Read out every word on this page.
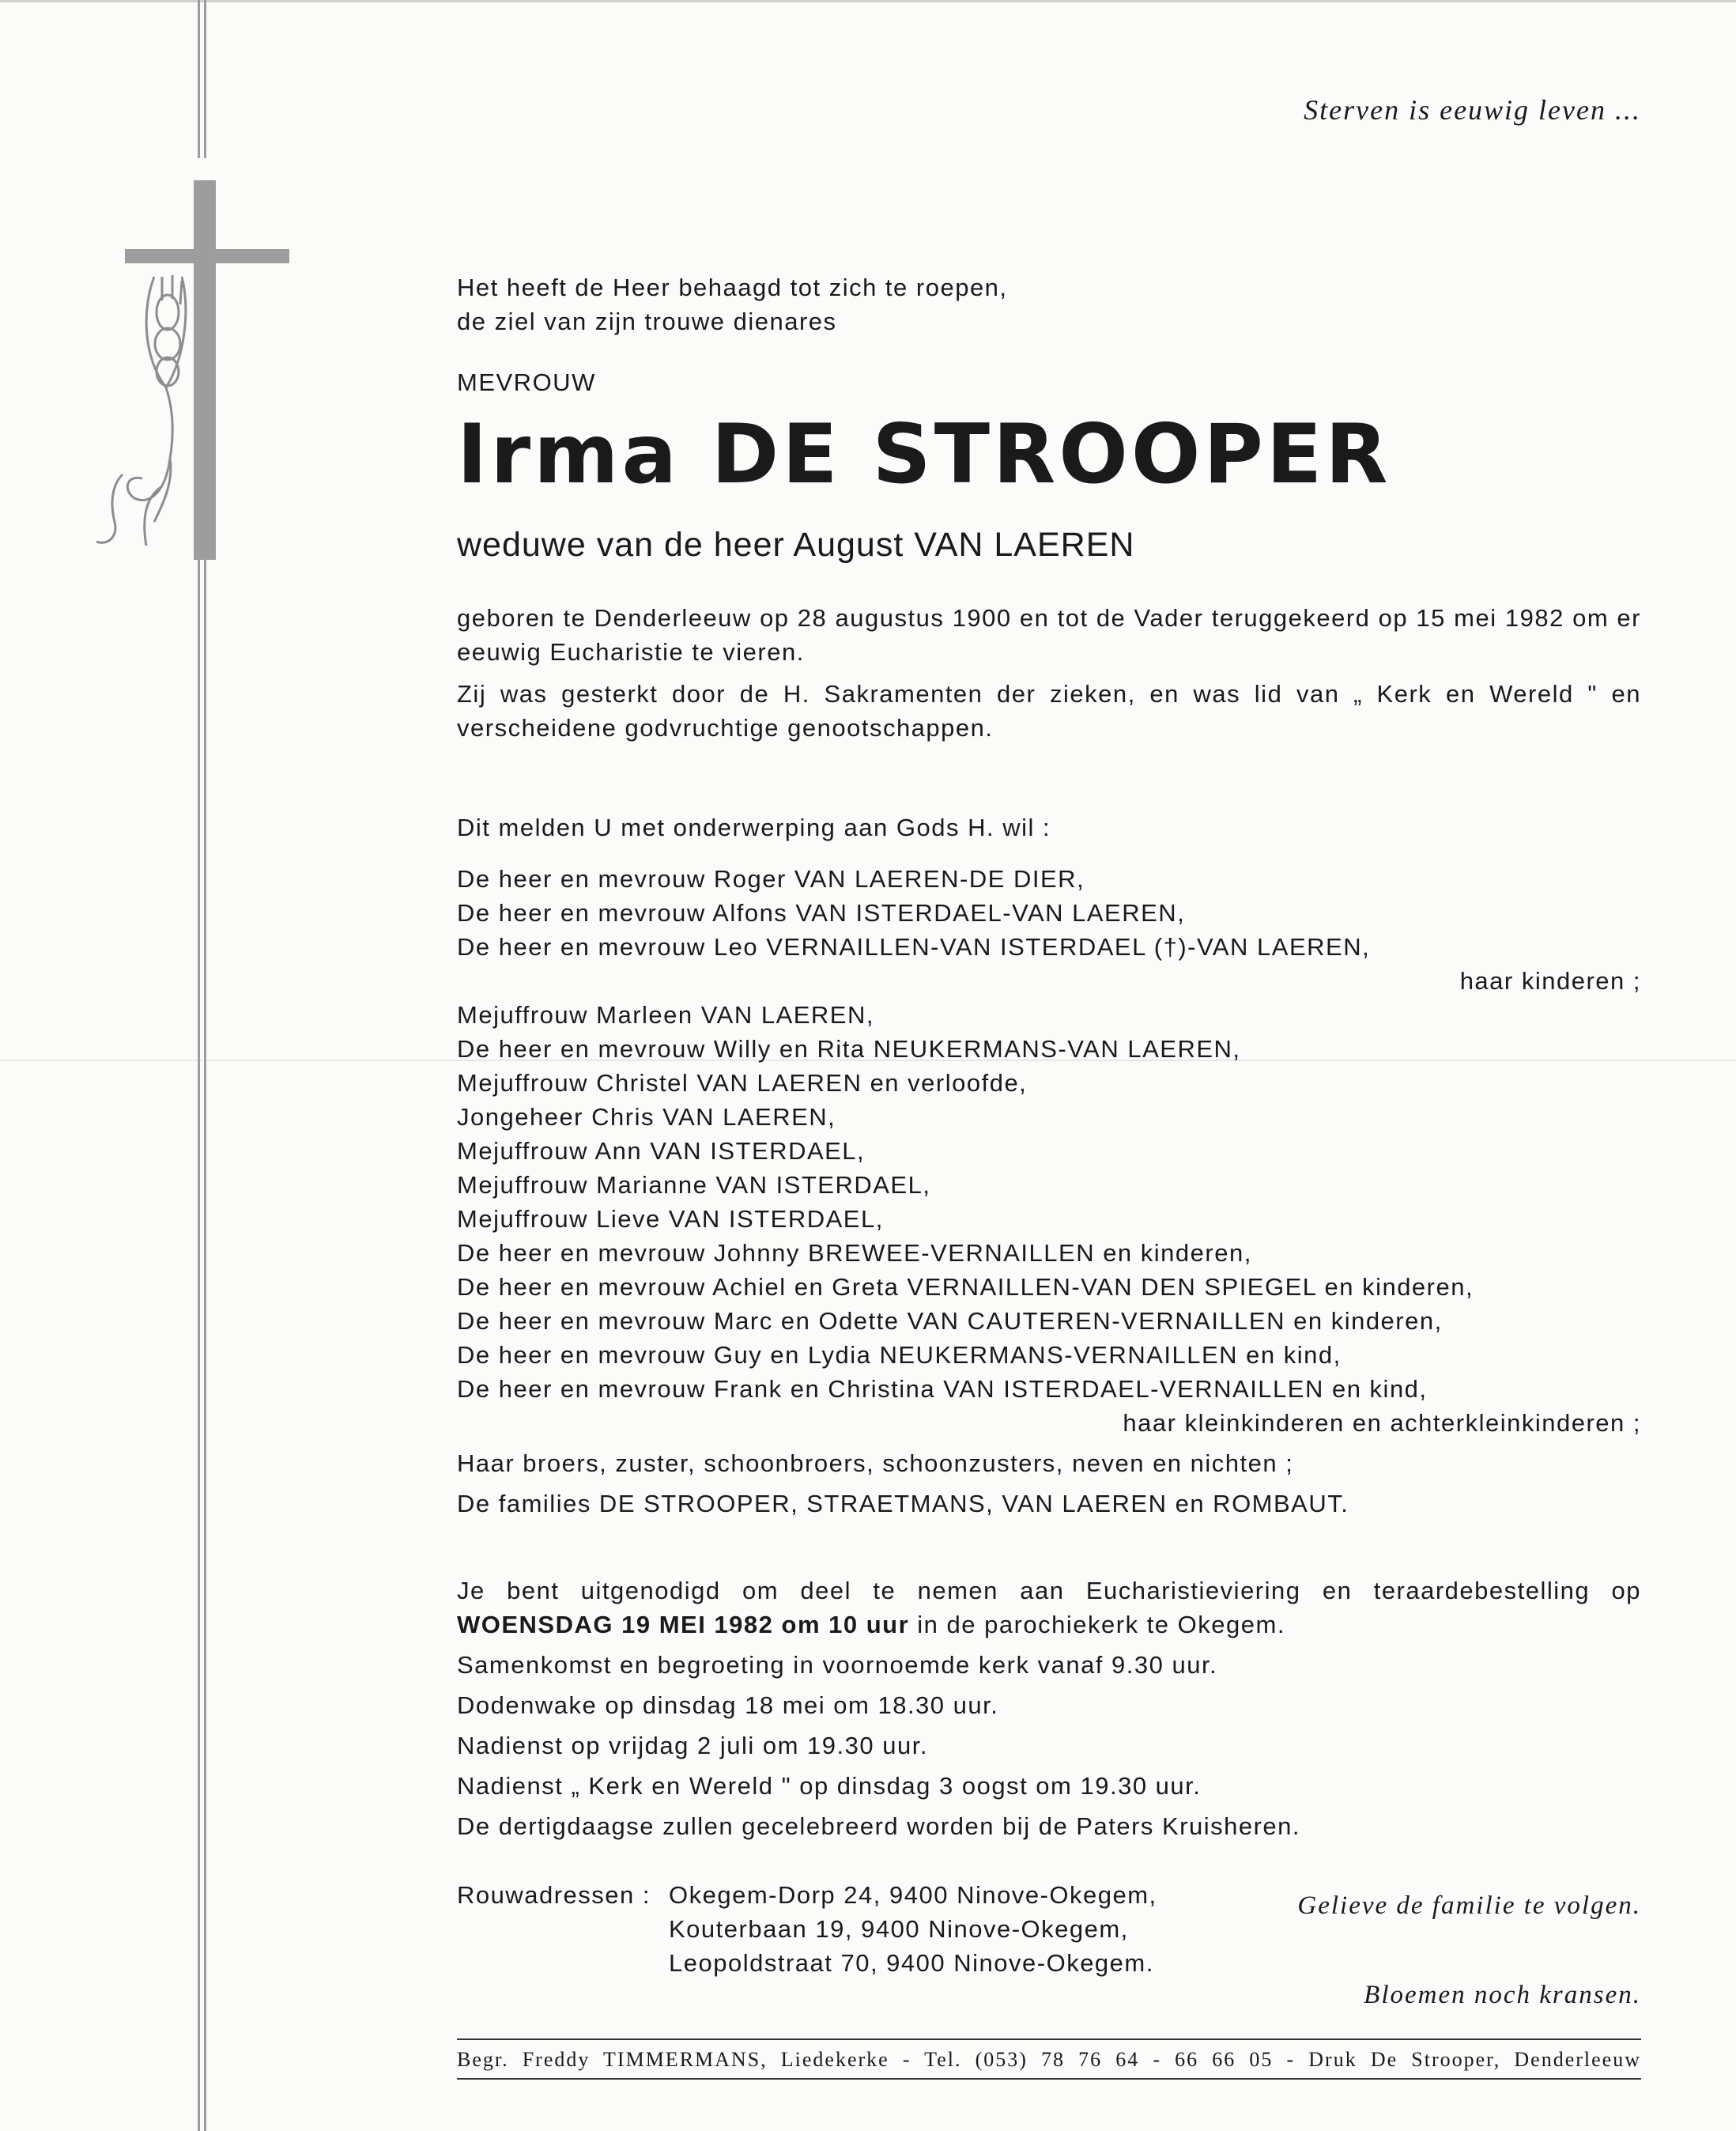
Sterven is eeuwig leven ...

Het heeft de Heer behaagd tot zich te roepen,

de ziel van zijn trouwe dienares

MEVROUW
Irma DE STROOPER
weduwe van de heer August VAN LAEREN

geboren te Denderleeuw op 28 augustus 1900 en tot de Vader teruggekeerd op 15 mei 1982 om er eeuwig Eucharistie te vieren.

Zij was gesterkt door de H. Sakramenten der zieken, en was lid van „ Kerk en Wereld " en verscheidene godvruchtige genootschappen.

Dit melden U met onderwerping aan Gods H. wil :

De heer en mevrouw Roger VAN LAEREN-DE DIER,

De heer en mevrouw Alfons VAN ISTERDAEL-VAN LAEREN,

De heer en mevrouw Leo VERNAILLEN-VAN ISTERDAEL (†)-VAN LAEREN,

haar kinderen ;

Mejuffrouw Marleen VAN LAEREN,

De heer en mevrouw Willy en Rita NEUKERMANS-VAN LAEREN,

Mejuffrouw Christel VAN LAEREN en verloofde,

Jongeheer Chris VAN LAEREN,

Mejuffrouw Ann VAN ISTERDAEL,

Mejuffrouw Marianne VAN ISTERDAEL,

Mejuffrouw Lieve VAN ISTERDAEL,

De heer en mevrouw Johnny BREWEE-VERNAILLEN en kinderen,

De heer en mevrouw Achiel en Greta VERNAILLEN-VAN DEN SPIEGEL en kinderen,

De heer en mevrouw Marc en Odette VAN CAUTEREN-VERNAILLEN en kinderen,

De heer en mevrouw Guy en Lydia NEUKERMANS-VERNAILLEN en kind,

De heer en mevrouw Frank en Christina VAN ISTERDAEL-VERNAILLEN en kind,

haar kleinkinderen en achterkleinkinderen ;

Haar broers, zuster, schoonbroers, schoonzusters, neven en nichten ;

De families DE STROOPER, STRAETMANS, VAN LAEREN en ROMBAUT.

Je bent uitgenodigd om deel te nemen aan Eucharistieviering en teraardebestelling op WOENSDAG 19 MEI 1982 om 10 uur in de parochiekerk te Okegem.

Samenkomst en begroeting in voornoemde kerk vanaf 9.30 uur.

Dodenwake op dinsdag 18 mei om 18.30 uur.

Nadienst op vrijdag 2 juli om 19.30 uur.

Nadienst „ Kerk en Wereld " op dinsdag 3 oogst om 19.30 uur.

De dertigdaagse zullen gecelebreerd worden bij de Paters Kruisheren.

Rouwadressen : Okegem-Dorp 24, 9400 Ninove-Okegem,
Kouterbaan 19, 9400 Ninove-Okegem,
Leopoldstraat 70, 9400 Ninove-Okegem.
Gelieve de familie te volgen.
Bloemen noch kransen.
Begr. Freddy TIMMERMANS, Liedekerke - Tel. (053) 78 76 64 - 66 66 05 - Druk De Strooper, Denderleeuw
